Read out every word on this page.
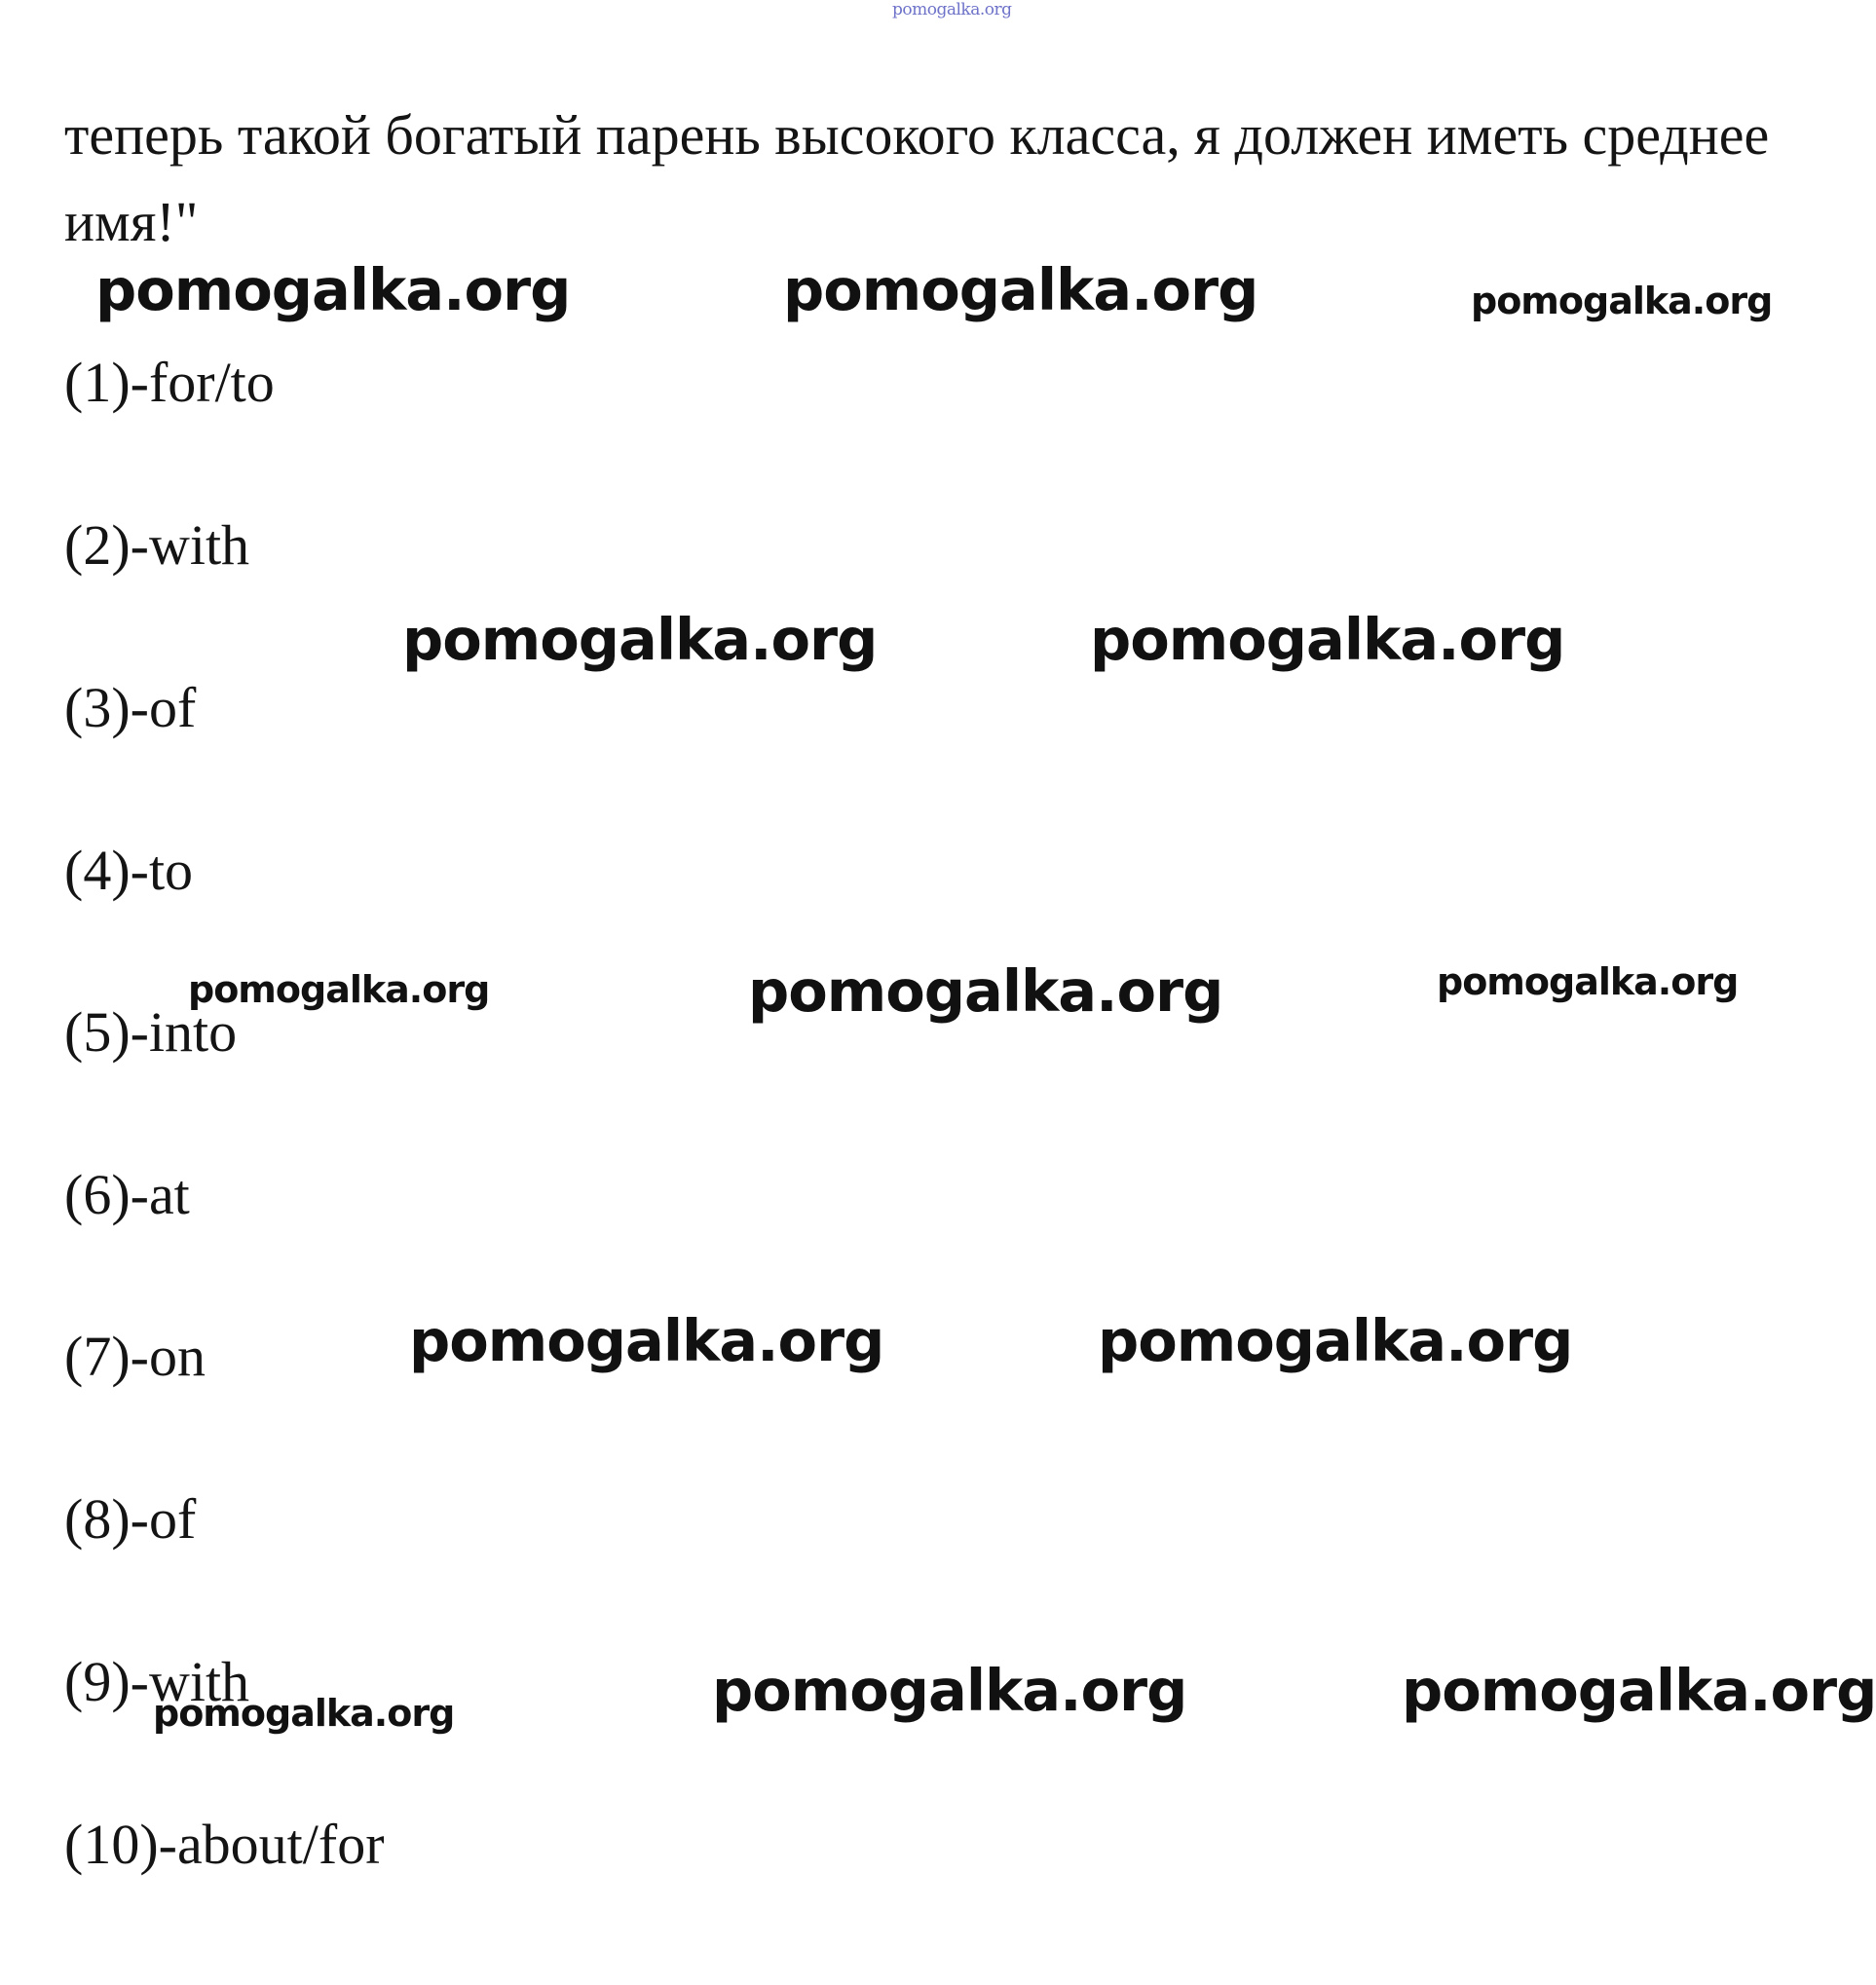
pomogalka.org
теперь такой богатый парень высокого класса, я должен иметь среднее
имя!"
(1)-for/to
(2)-with
(3)-of
(4)-to
(5)-into
(6)-at
(7)-on
(8)-of
(9)-with
(10)-about/for
pomogalka.org	pomogalka.org	pomogalka.org
pomogalka.org	pomogalka.org
pomogalka.org	pomogalka.org	pomogalka.org
pomogalka.org	pomogalka.org
pomogalka.org	pomogalka.org	pomogalka.org
